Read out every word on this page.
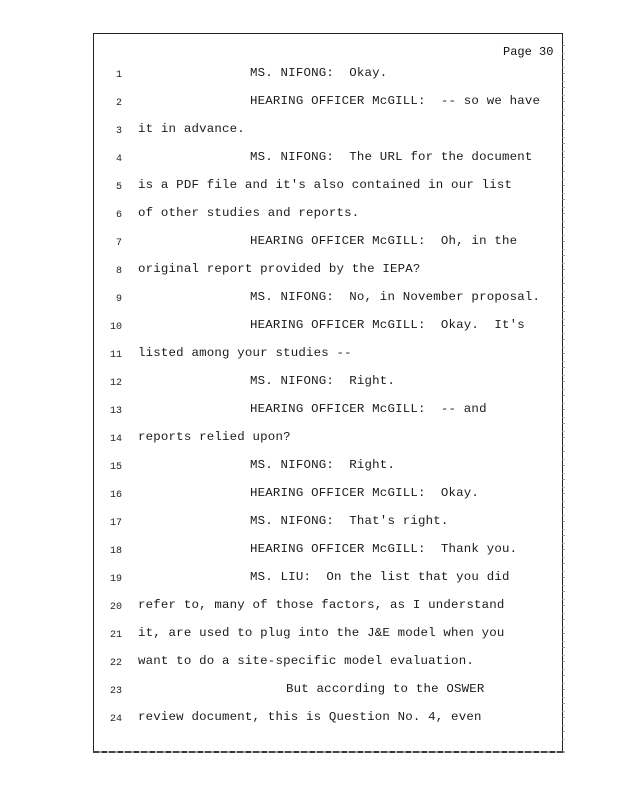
Page 30
1	MS. NIFONG:  Okay.
2	HEARING OFFICER McGILL:  -- so we have
3 it in advance.
4	MS. NIFONG:  The URL for the document
5 is a PDF file and it's also contained in our list
6 of other studies and reports.
7	HEARING OFFICER McGILL:  Oh, in the
8 original report provided by the IEPA?
9	MS. NIFONG:  No, in November proposal.
10	HEARING OFFICER McGILL:  Okay.  It's
11 listed among your studies --
12	MS. NIFONG:  Right.
13	HEARING OFFICER McGILL:  -- and
14 reports relied upon?
15	MS. NIFONG:  Right.
16	HEARING OFFICER McGILL:  Okay.
17	MS. NIFONG:  That's right.
18	HEARING OFFICER McGILL:  Thank you.
19	MS. LIU:  On the list that you did
20 refer to, many of those factors, as I understand
21 it, are used to plug into the J&E model when you
22 want to do a site-specific model evaluation.
23	But according to the OSWER
24 review document, this is Question No. 4, even
